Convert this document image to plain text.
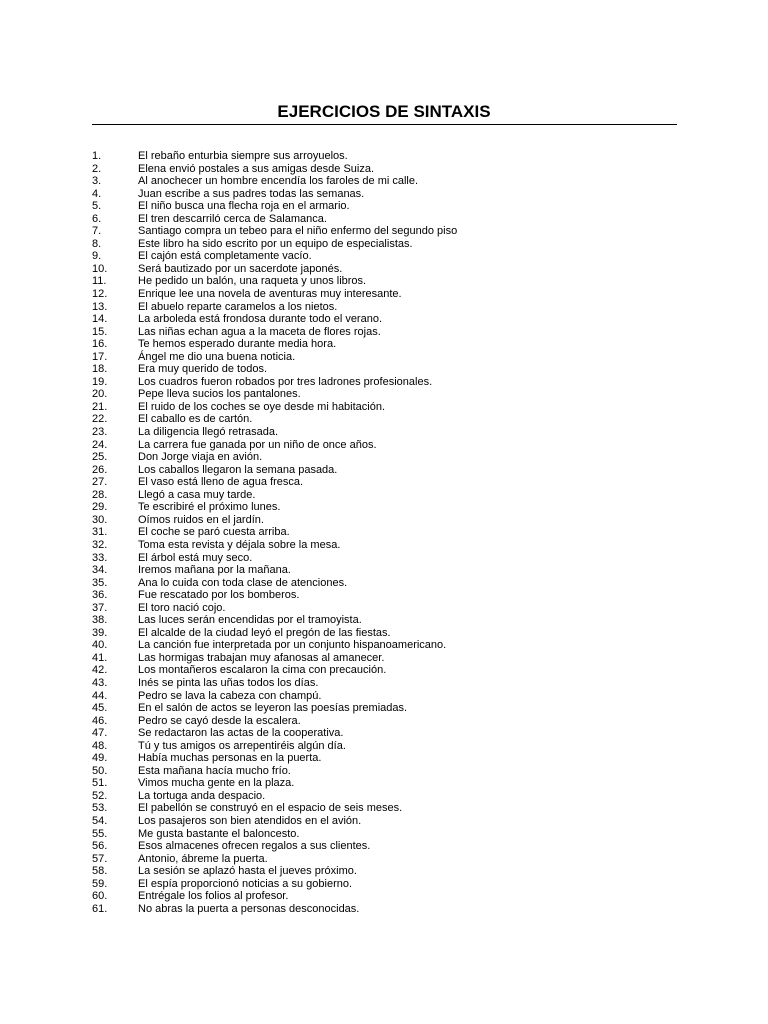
EJERCICIOS DE SINTAXIS
1.	El rebaño enturbia siempre sus arroyuelos.
2.	Elena envió postales a sus amigas desde Suiza.
3.	Al anochecer un hombre encendía los faroles de mi calle.
4.	Juan escribe a sus padres todas las semanas.
5.	El niño busca una flecha roja en el armario.
6.	El tren descarriló cerca de Salamanca.
7.	Santiago compra un tebeo para el niño enfermo del segundo piso
8.	Este libro ha sido escrito por un equipo de especialistas.
9.	El cajón está completamente vacío.
10.	Será bautizado por un sacerdote japonés.
11.	He pedido un balón, una raqueta y unos libros.
12.	Enrique lee una novela de aventuras muy interesante.
13.	El abuelo reparte caramelos a los nietos.
14.	La arboleda está frondosa durante todo el verano.
15.	Las niñas echan agua a la maceta de flores rojas.
16.	Te hemos esperado durante media hora.
17.	Ángel me dio una buena noticia.
18.	Era muy querido de todos.
19.	Los cuadros fueron robados por tres ladrones profesionales.
20.	Pepe lleva sucios los pantalones.
21.	El ruido de los coches se oye desde mi habitación.
22.	El caballo es de cartón.
23.	La diligencia llegó retrasada.
24.	La carrera fue ganada por un niño de once años.
25.	Don Jorge viaja en avión.
26.	Los caballos llegaron la semana pasada.
27.	El vaso está lleno de agua fresca.
28.	Llegó a casa muy tarde.
29.	Te escribiré el próximo lunes.
30.	Oímos ruidos en el jardín.
31.	El coche se paró cuesta arriba.
32.	Toma esta revista y déjala sobre la mesa.
33.	El árbol está muy seco.
34.	Iremos mañana por la mañana.
35.	Ana lo cuida con toda clase de atenciones.
36.	Fue rescatado por los bomberos.
37.	El toro nació cojo.
38.	Las luces serán encendidas por el tramoyista.
39.	El alcalde de la ciudad leyó el pregón de las fiestas.
40.	La canción fue interpretada por un conjunto hispanoamericano.
41.	Las hormigas trabajan muy afanosas al amanecer.
42.	Los montañeros escalaron la cima con precaución.
43.	Inés se pinta las uñas todos los días.
44.	Pedro se lava la cabeza con champú.
45.	En el salón de actos se leyeron las poesías premiadas.
46.	Pedro se cayó desde la escalera.
47.	Se redactaron las actas de la cooperativa.
48.	Tú y tus amigos os arrepentiréis algún día.
49.	Había muchas personas en la puerta.
50.	Esta mañana hacía mucho frío.
51.	Vimos mucha gente en la plaza.
52.	La tortuga anda despacio.
53.	El pabellón se construyó en el espacio de seis meses.
54.	Los pasajeros son bien atendidos en el avión.
55.	Me gusta bastante el baloncesto.
56.	Esos almacenes ofrecen regalos a sus clientes.
57.	Antonio, ábreme la puerta.
58.	La sesión se aplazó hasta el jueves próximo.
59.	El espía proporcionó noticias a su gobierno.
60.	Entrégale los folios al profesor.
61.	No abras la puerta a personas desconocidas.
